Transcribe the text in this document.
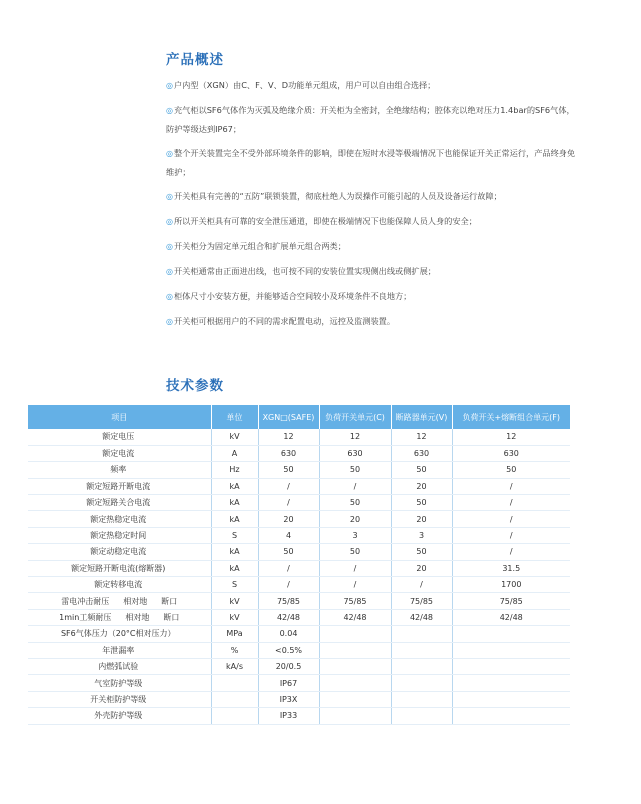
产品概述
◎户内型（XGN）由C、F、V、D功能单元组成，用户可以自由组合选择；
◎充气柜以SF6气体作为灭弧及绝缘介质：开关柜为全密封，全绝缘结构；腔体充以绝对压力1.4bar的SF6气体，防护等级达到IP67；
◎整个开关装置完全不受外部环境条件的影响，即使在短时水浸等极端情况下也能保证开关正常运行，产品终身免维护；
◎开关柜具有完善的“五防”联锁装置，彻底杜绝人为误操作可能引起的人员及设备运行故障；
◎所以开关柜具有可靠的安全泄压通道，即使在极端情况下也能保障人员人身的安全；
◎开关柜分为固定单元组合和扩展单元组合两类；
◎开关柜通常由正面进出线，也可按不同的安装位置实现侧出线或侧扩展；
◎柜体尺寸小安装方便，并能够适合空间较小及环境条件不良地方；
◎开关柜可根据用户的不同的需求配置电动，远控及监测装置。
技术参数
项目	单位	XGN□(SAFE)	负荷开关单元(C)	断路器单元(V)	负荷开关+熔断组合单元(F)
额定电压	kV	12	12	12	12
额定电流	A	630	630	630	630
频率	Hz	50	50	50	50
额定短路开断电流	kA	/	/	20	/
额定短路关合电流	kA	/	50	50	/
额定热稳定电流	kA	20	20	20	/
额定热稳定时间	S	4	3	3	/
额定动稳定电流	kA	50	50	50	/
额定短路开断电流(熔断器)	kA	/	/	20	31.5
额定转移电流	S	/	/	/	1700

雷电冲击耐压 相对地 断口	kV	75/85	75/85	75/85	75/85

1min工频耐压 相对地 断口	kV	42/48	42/48	42/48	42/48
SF6气体压力（20°C相对压力）	MPa	0.04			
年泄漏率	%	<0.5%			
内燃弧试验	kA/s	20/0.5			
气室防护等级		IP67			
开关柜防护等级		IP3X			
外壳防护等级		IP33			
